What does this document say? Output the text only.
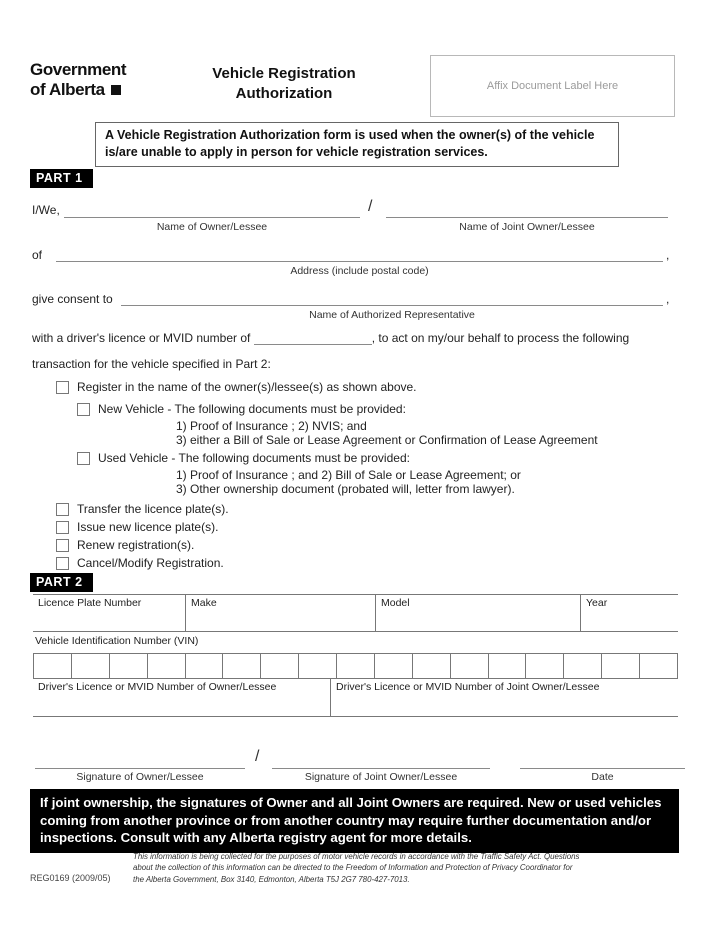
Government
of Alberta
Vehicle Registration Authorization	Affix Document Label Here
A Vehicle Registration Authorization form is used when the owner(s) of the vehicle is/are unable to apply in person for vehicle registration services.
PART 1
I/We,	/
Name of Owner/Lessee	Name of Joint Owner/Lessee
of	,
Address (include postal code)
give consent to	,
Name of Authorized Representative
with a driver's licence or MVID number of	, to act on my/our behalf to process the following
transaction for the vehicle specified in Part 2:
Register in the name of the owner(s)/lessee(s) as shown above.
New Vehicle - The following documents must be provided:
1) Proof of Insurance ; 2) NVIS; and
3) either a Bill of Sale or Lease Agreement or Confirmation of Lease Agreement
Used Vehicle - The following documents must be provided:
1) Proof of Insurance ; and 2) Bill of Sale or Lease Agreement; or
3) Other ownership document (probated will, letter from lawyer).
Transfer the licence plate(s).
Issue new licence plate(s).
Renew registration(s).
Cancel/Modify Registration.
PART 2
Licence Plate Number	Make	Model	Year
Vehicle Identification Number (VIN)
Driver's Licence or MVID Number of Owner/Lessee	Driver's Licence or MVID Number of Joint Owner/Lessee
/
Signature of Owner/Lessee	Signature of Joint Owner/Lessee	Date
If joint ownership, the signatures of Owner and all Joint Owners are required. New or used vehicles coming from another province or from another country may require further documentation and/or inspections. Consult with any Alberta registry agent for more details.
REG0169 (2009/05)
This information is being collected for the purposes of motor vehicle records in accordance with the Traffic Safety Act. Questions about the collection of this information can be directed to the Freedom of Information and Protection of Privacy Coordinator for the Alberta Government, Box 3140, Edmonton, Alberta T5J 2G7 780-427-7013.
